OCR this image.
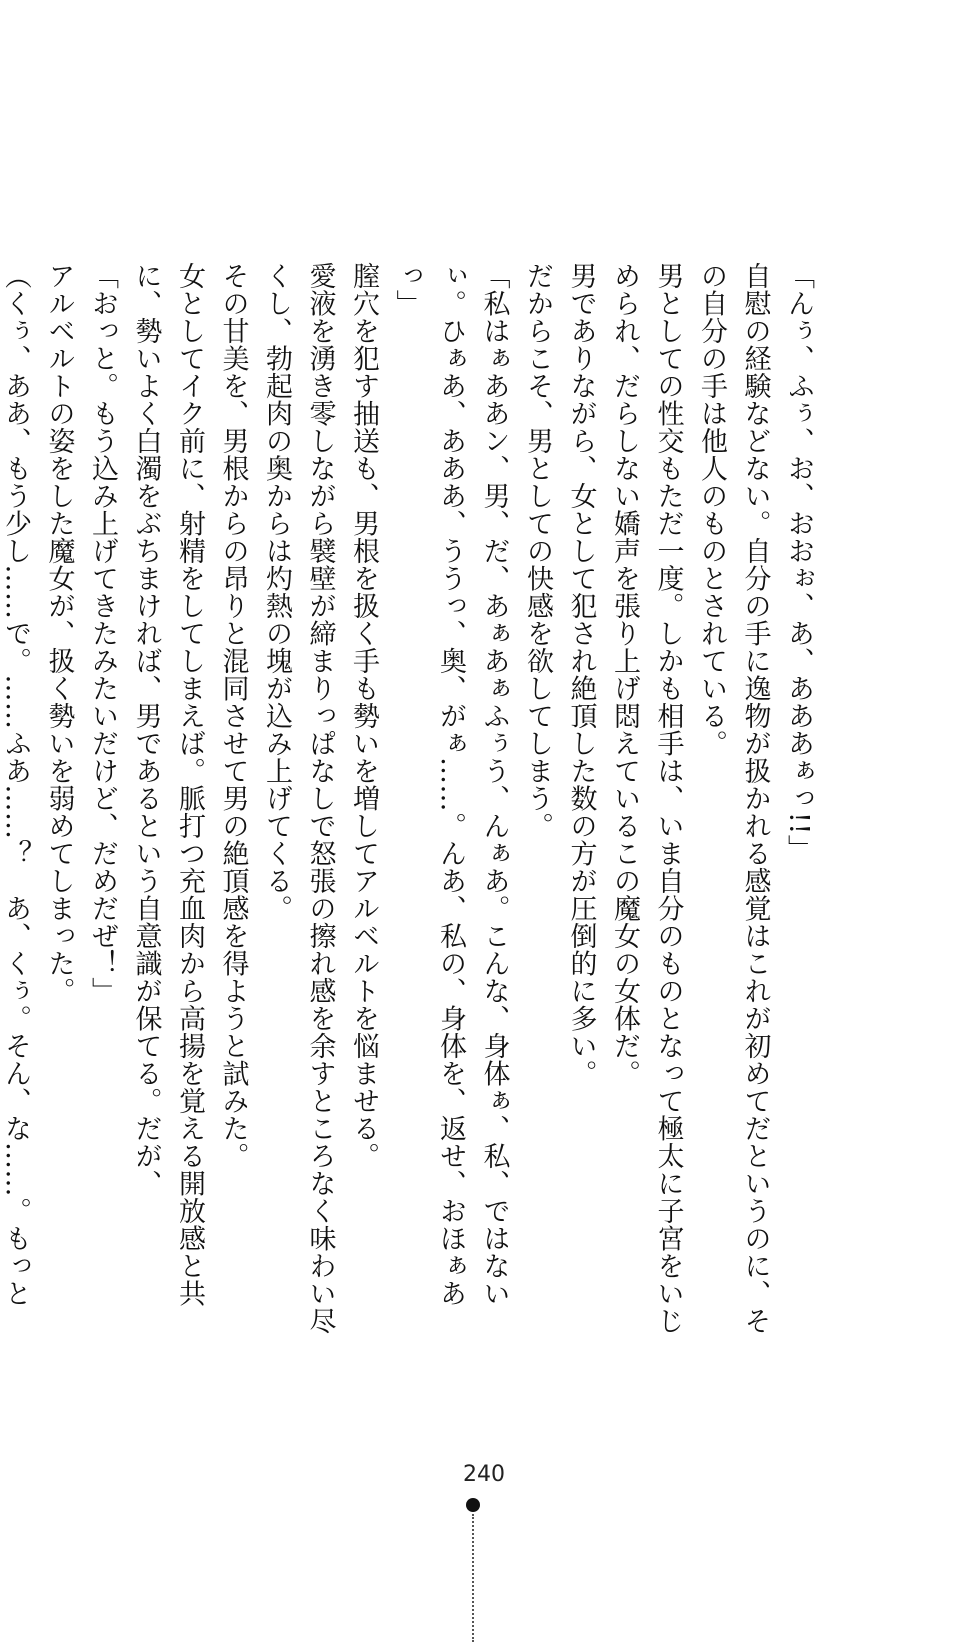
「んぅ、ふぅ、お、おおぉ、あ、あああぁっ!!」

自慰の経験などない。自分の手に逸物が扱かれる感覚はこれが初めてだというのに、その自分の手は他人のものとされている。

男としての性交もただ一度。しかも相手は、いま自分のものとなって極太に子宮をいじめられ、だらしない嬌声を張り上げ悶えているこの魔女の女体だ。

男でありながら、女として犯され絶頂した数の方が圧倒的に多い。

だからこそ、男としての快感を欲してしまう。

「私はぁああン、男、だ、あぁあぁふぅう、んぁあ。こんな、身体ぁ、私、ではないぃ。ひぁあ、あああ、ううっ、奥、がぁ……。んあ、私の、身体を、返せ、おほぁあっ」

膣穴を犯す抽送も、男根を扱く手も勢いを増してアルベルトを悩ませる。

愛液を湧き零しながら襞壁が締まりっぱなしで怒張の擦れ感を余すところなく味わい尽くし、勃起肉の奥からは灼熱の塊が込み上げてくる。

その甘美を、男根からの昂りと混同させて男の絶頂感を得ようと試みた。

女としてイク前に、射精をしてしまえば。脈打つ充血肉から高揚を覚える開放感と共に、勢いよく白濁をぶちまければ、男であるという自意識が保てる。だが、

「おっと。もう込み上げてきたみたいだけど、だめだぜ！」

アルベルトの姿をした魔女が、扱く勢いを弱めてしまった。

（くぅ、ああ、もう少し……で。……ふあ……？　あ、くぅ。そん、な……。もっと

240
